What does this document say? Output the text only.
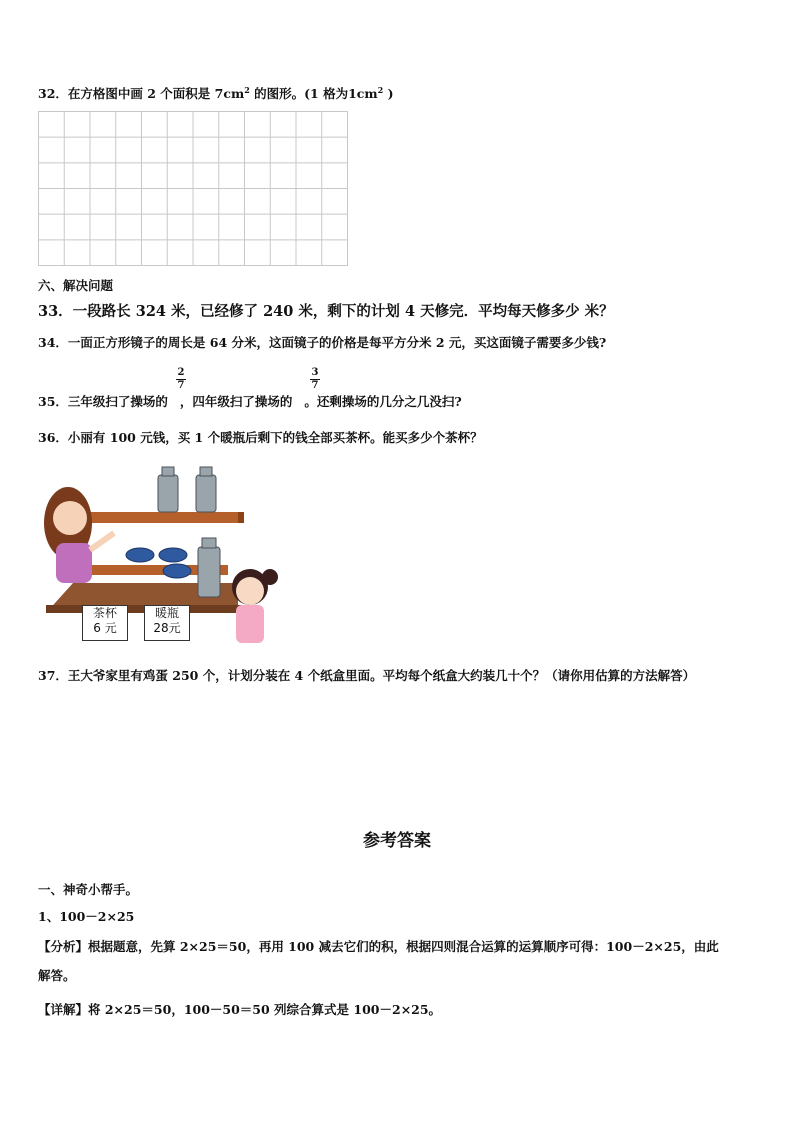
32．在方格图中画 2 个面积是 $7cm^2$ 的图形。(1 格为$1cm^2$ )
六、解决问题
33．一段路长 324 米，已经修了 240 米，剩下的计划 4 天修完．平均每天修多少 米？
34．一面正方形镜子的周长是 64 分米，这面镜子的价格是每平方分米 2 元，买这面镜子需要多少钱?
35．三年级扫了操场的 ，四年级扫了操场的 。还剩操场的几分之几没扫?
2
7
3
7
36．小丽有 100 元钱，买 1 个暖瓶后剩下的钱全部买茶杯。能买多少个茶杯？
茶杯
6 元
暖瓶
28元
37．王大爷家里有鸡蛋 250 个，计划分装在 4 个纸盒里面。平均每个纸盒大约装几十个？（请你用估算的方法解答）
参考答案
一、神奇小帮手。
1、100－2×25
【分析】根据题意，先算 2×25＝50，再用 100 减去它们的积，根据四则混合运算的运算顺序可得：100－2×25，由此
解答。
【详解】将 2×25＝50，100－50＝50 列综合算式是 100－2×25。
